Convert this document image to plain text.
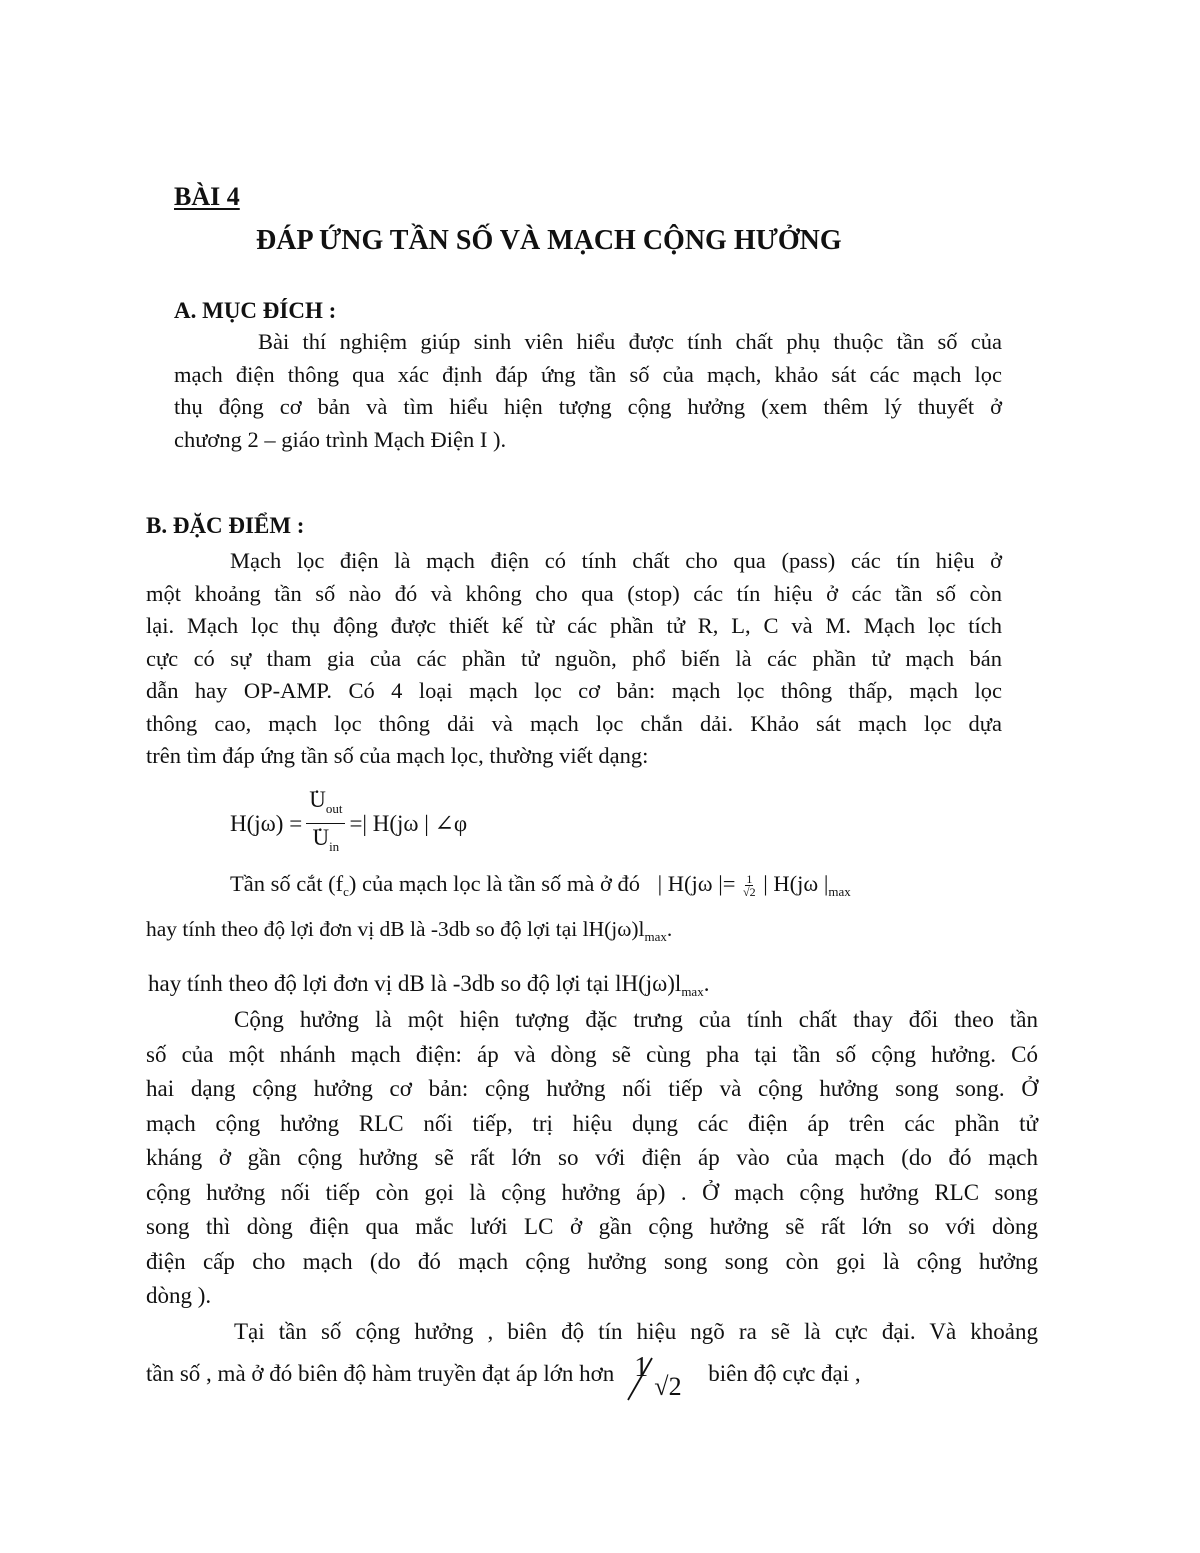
BÀI 4
ĐÁP ỨNG TẦN SỐ VÀ MẠCH CỘNG HƯỞNG
A. MỤC ĐÍCH :
Bài thí nghiệm giúp sinh viên hiểu được tính chất phụ thuộc tần số của
mạch điện thông qua xác định đáp ứng tần số của mạch, khảo sát các mạch lọc
thụ động cơ bản và tìm hiểu hiện tượng cộng hưởng (xem thêm lý thuyết ở
chương 2 – giáo trình Mạch Điện I ).
B. ĐẶC ĐIỂM :
Mạch lọc điện là mạch điện có tính chất cho qua (pass) các tín hiệu ở
một khoảng tần số nào đó và không cho qua (stop) các tín hiệu ở các tần số còn
lại. Mạch lọc thụ động được thiết kế từ các phần tử R, L, C và M. Mạch lọc tích
cực có sự tham gia của các phần tử nguồn, phổ biến là các phần tử mạch bán
dẫn hay OP-AMP. Có 4 loại mạch lọc cơ bản: mạch lọc thông thấp, mạch lọc
thông cao, mạch lọc thông dải và mạch lọc chắn dải. Khảo sát mạch lọc dựa
trên tìm đáp ứng tần số của mạch lọc, thường viết dạng:
H(jω) =
. $U_{out}$
. $U_{in}$ =| H(jω | ∠φ
Tần số cắt $(f_c)$ của mạch lọc là tần số mà ở đó | H(jω |= $\frac{1}{√2}$ | H(jω $|_{max}$
hay tính theo độ lợi đơn vị dB là -3db so độ lợi tại $lH(j\omega)l_{max}$.
hay tính theo độ lợi đơn vị dB là -3db so độ lợi tại $lH(j\omega)l_{max}$.
Cộng hưởng là một hiện tượng đặc trưng của tính chất thay đổi theo tần
số của một nhánh mạch điện: áp và dòng sẽ cùng pha tại tần số cộng hưởng. Có
hai dạng cộng hưởng cơ bản: cộng hưởng nối tiếp và cộng hưởng song song. Ở
mạch cộng hưởng RLC nối tiếp, trị hiệu dụng các điện áp trên các phần tử
kháng ở gần cộng hưởng sẽ rất lớn so với điện áp vào của mạch (do đó mạch
cộng hưởng nối tiếp còn gọi là cộng hưởng áp) . Ở mạch cộng hưởng RLC song
song thì dòng điện qua mắc lưới LC ở gần cộng hưởng sẽ rất lớn so với dòng
điện cấp cho mạch (do đó mạch cộng hưởng song song còn gọi là cộng hưởng
dòng ).
Tại tần số cộng hưởng , biên độ tín hiệu ngõ ra sẽ là cực đại. Và khoảng
tần số , mà ở đó biên độ hàm truyền đạt áp lớn hơn 1
√2 biên độ cực đại ,
